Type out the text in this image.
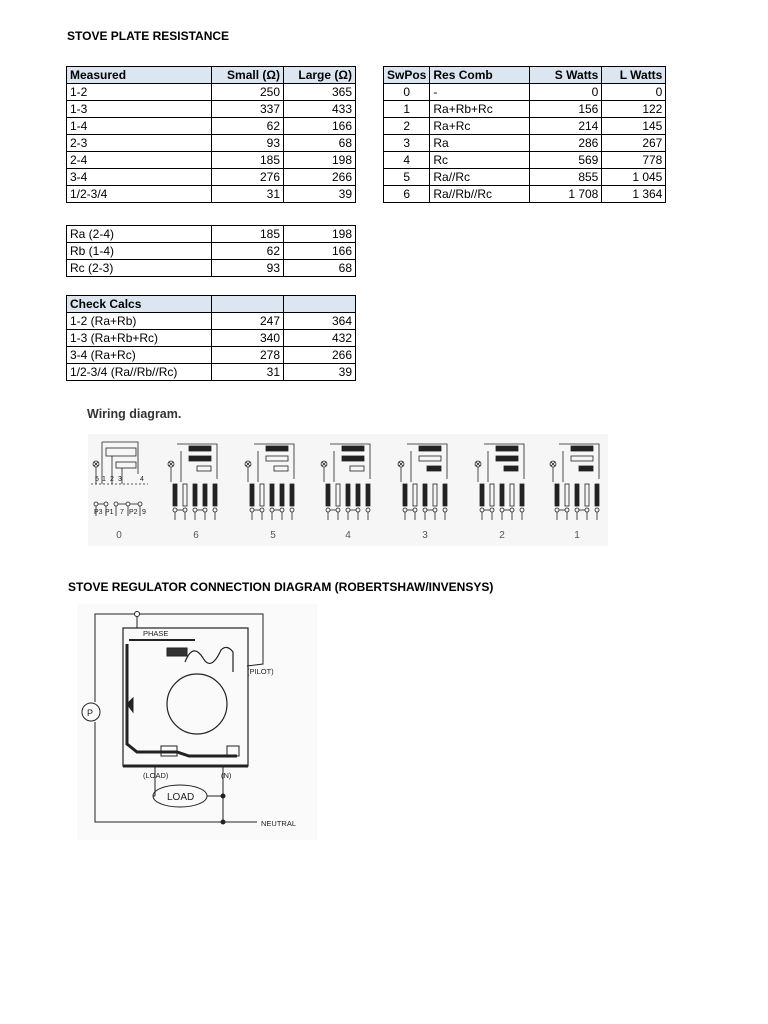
STOVE PLATE RESISTANCE
Measured	Small (Ω)	Large (Ω)
1-2	250	365
1-3	337	433
1-4	62	166
2-3	93	68
2-4	185	198
3-4	276	266
1/2-3/4	31	39
SwPos	Res Comb	S Watts	L Watts
0	-	0	0
1	Ra+Rb+Rc	156	122
2	Ra+Rc	214	145
3	Ra	286	267
4	Rc	569	778
5	Ra//Rc	855	1 045
6	Ra//Rb//Rc	1 708	1 364
Ra (2-4)	185	198
Rb (1-4)	62	166
Rc (2-3)	93	68
Check Calcs		
1-2 (Ra+Rb)	247	364
1-3 (Ra+Rb+Rc)	340	432
3-4 (Ra+Rc)	278	266
1/2-3/4 (Ra//Rb//Rc)	31	39
Wiring diagram.
5 1 2 3	4
P3 P1 7 P2 9
0	6	5	4	3	2	1
STOVE REGULATOR CONNECTION DIAGRAM (ROBERTSHAW/INVENSYS)
PHASE
(PILOT)
(LOAD)	(N)
NEUTRAL
P
LOAD
